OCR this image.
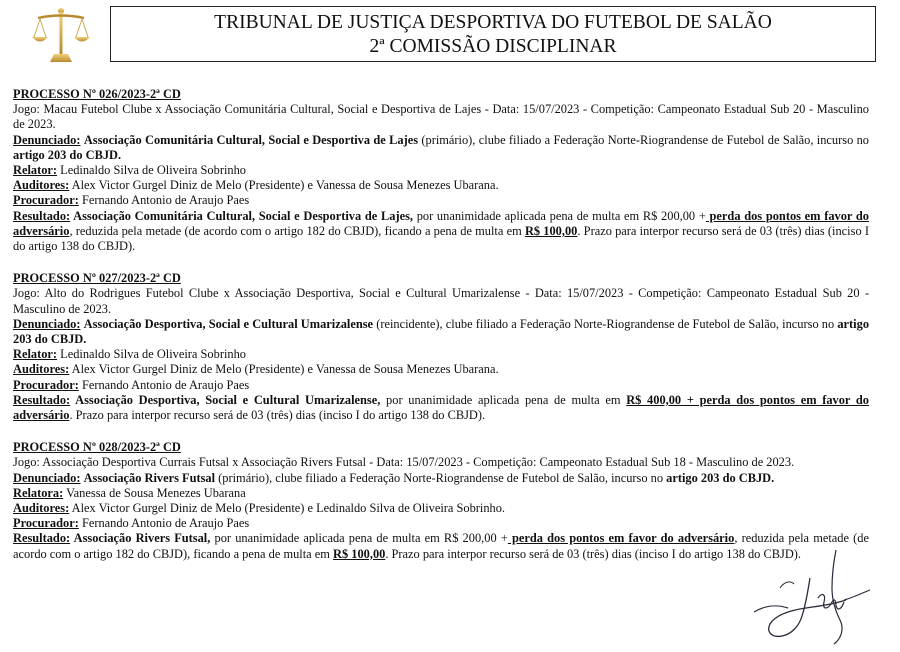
TRIBUNAL DE JUSTIÇA DESPORTIVA DO FUTEBOL DE SALÃO
2ª COMISSÃO DISCIPLINAR
PROCESSO Nº 026/2023-2ª CD
Jogo: Macau Futebol Clube x Associação Comunitária Cultural, Social e Desportiva de Lajes - Data: 15/07/2023 - Competição: Campeonato Estadual Sub 20 - Masculino de 2023.
Denunciado: Associação Comunitária Cultural, Social e Desportiva de Lajes (primário), clube filiado a Federação Norte-Riograndense de Futebol de Salão, incurso no artigo 203 do CBJD.
Relator: Ledinaldo Silva de Oliveira Sobrinho
Auditores: Alex Victor Gurgel Diniz de Melo (Presidente) e Vanessa de Sousa Menezes Ubarana.
Procurador: Fernando Antonio de Araujo Paes
Resultado: Associação Comunitária Cultural, Social e Desportiva de Lajes, por unanimidade aplicada pena de multa em R$ 200,00 + perda dos pontos em favor do adversário, reduzida pela metade (de acordo com o artigo 182 do CBJD), ficando a pena de multa em R$ 100,00. Prazo para interpor recurso será de 03 (três) dias (inciso I do artigo 138 do CBJD).
PROCESSO Nº 027/2023-2ª CD
Jogo: Alto do Rodrigues Futebol Clube x Associação Desportiva, Social e Cultural Umarizalense - Data: 15/07/2023 - Competição: Campeonato Estadual Sub 20 - Masculino de 2023.
Denunciado: Associação Desportiva, Social e Cultural Umarizalense (reincidente), clube filiado a Federação Norte-Riograndense de Futebol de Salão, incurso no artigo 203 do CBJD.
Relator: Ledinaldo Silva de Oliveira Sobrinho
Auditores: Alex Victor Gurgel Diniz de Melo (Presidente) e Vanessa de Sousa Menezes Ubarana.
Procurador: Fernando Antonio de Araujo Paes
Resultado: Associação Desportiva, Social e Cultural Umarizalense, por unanimidade aplicada pena de multa em R$ 400,00 + perda dos pontos em favor do adversário. Prazo para interpor recurso será de 03 (três) dias (inciso I do artigo 138 do CBJD).
PROCESSO Nº 028/2023-2ª CD
Jogo: Associação Desportiva Currais Futsal x Associação Rivers Futsal - Data: 15/07/2023 - Competição: Campeonato Estadual Sub 18 - Masculino de 2023.
Denunciado: Associação Rivers Futsal (primário), clube filiado a Federação Norte-Riograndense de Futebol de Salão, incurso no artigo 203 do CBJD.
Relatora: Vanessa de Sousa Menezes Ubarana
Auditores: Alex Victor Gurgel Diniz de Melo (Presidente) e Ledinaldo Silva de Oliveira Sobrinho.
Procurador: Fernando Antonio de Araujo Paes
Resultado: Associação Rivers Futsal, por unanimidade aplicada pena de multa em R$ 200,00 + perda dos pontos em favor do adversário, reduzida pela metade (de acordo com o artigo 182 do CBJD), ficando a pena de multa em R$ 100,00. Prazo para interpor recurso será de 03 (três) dias (inciso I do artigo 138 do CBJD).
